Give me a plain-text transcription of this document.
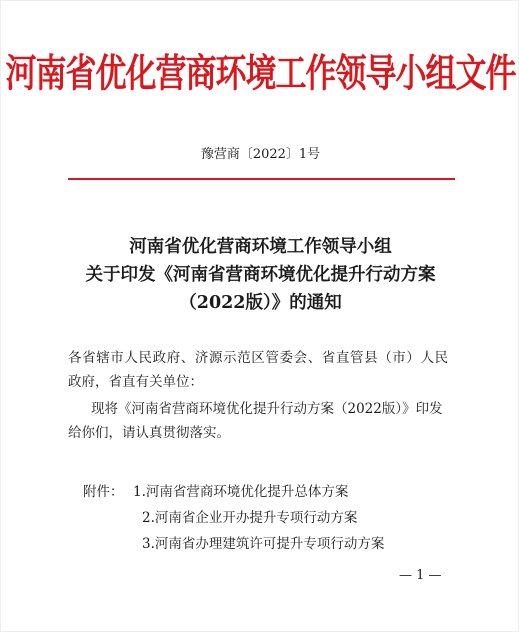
河南省优化营商环境工作领导小组文件
豫营商〔2022〕1号
河南省优化营商环境工作领导小组
关于印发《河南省营商环境优化提升行动方案
（2022版）》的通知
各省辖市人民政府、济源示范区管委会、省直管县（市）人民
政府，省直有关单位：
现将《河南省营商环境优化提升行动方案（2022版）》印发
给你们，请认真贯彻落实。
附件： 1.河南省营商环境优化提升总体方案
2.河南省企业开办提升专项行动方案
3.河南省办理建筑许可提升专项行动方案
— 1 —
